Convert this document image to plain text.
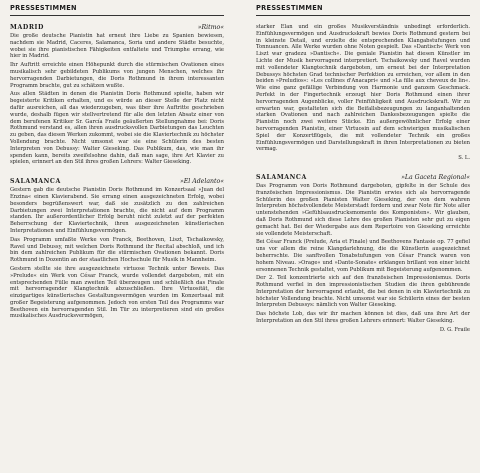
PRESSESTIMMEN
MADRID	»Ritmo«

Die große deutsche Pianistin hat erneut ihre Liebe zu Spanien bewiesen, nachdem sie Madrid, Caceres, Salamanca, Soria und andere Städte besuchte, wobei sie ihre pianistischen Fähigkeiten entfaltete und Triumphe errang, wie hier in Madrid.

Ihr Auftritt erreichte einen Höhepunkt durch die stürmischen Ovationen eines musikalisch sehr gebildeten Publikums von jungen Menschen, welches ihr hervorragenden Darbietungen, die Doris Rothmund in ihrem interessanten Programm brachte, gut zu schätzen wußte.

Aus allen Städten in denen die Pianistin Doris Rothmund spielte, haben wir begeisterte Kritiken erhalten, und es würde an dieser Stelle der Platz nicht dafür ausreichen, all das wiederzugeben, was über ihre Auftritte geschrieben wurde, deshalb fügen wir stellvertretend für alle den letzten Absatz einer von dem berufenen Kritiker Sr. García Fraile geäußerten Stellungnahme bei: Doris Rothmund verstand es, allen ihren ausdrucksvollen Darbietungen das Leuchten zu geben, das diesen Werken zukommt, wobei sie die Klaviertechnik zu höchster Vollendung brachte. Nicht umsonst war sie eine Schülerin des besten Interpreten von Debussy: Walter Gieseking. Das Publikum, das, wie man ihr spenden kann, bereits zweifelsohne dahin, daß man sage, ihre Art Klavier zu spielen, erinnert an den Stil ihres großen Lehrers: Walter Gieseking.

SALAMANCA	»El Adelanto«

Gestern gab die deutsche Pianistin Doris Rothmund im Konzertsaal »Juan del Enzina« einen Klavierabend. Sie errang einen ausgezeichneten Erfolg, wobei besonders begrüßenswert war, daß sie zusätzlich zu den zahlreichen Darbietungen zwei Interpretationen brachte, die nicht auf dem Programm standen. Ihr außerordentlicher Erfolg beruht nicht zuletzt auf der perfekten Beherrschung der Klaviertechnik, ihren ausgezeichneten künstlerischen Interpretationen und Einfühlungsvermögen.

Das Programm umfaßte Werke von Franck, Beethoven, Liszt, Tschaikowsky, Ravel und Debussy, mit welchen Doris Rothmund ihr Recital abschloß, und ich bin dem zahlreichen Publikum für die stürmischen Ovationen bekannt. Doris Rothmund in Dozentin an der staatlichen Hochschule für Musik in Mannheim.

Gestern stellte sie ihre ausgezeichnete virtuose Technik unter Beweis. Das »Prelude« ein Werk von César Franck, wurde vollendet dargeboten, mit ein entsprechenden Fülle man zweiten Teil überzeugen und schließlich das Finale mit hervorragender Klangtechnik abzuschließen. Ihre Virtuosität, die einzigartiges künstlerisches Gestaltungsvermögen wurden im Konzertsaal mit großer Begeisterung aufgenommen. Jedoch von ersten Teil des Programms war Beethoven ein hervorragenden Stil. Im Tür zu interpretieren sind ein großes musikalisches Ausdrucksvermögen,

PRESSESTIMMEN

starker Elan und ein großes Musikverständnis unbedingt erforderlich. Einfühlungsvermögen und Ausdruckskraft bewies Doris Rothmund gestern bei in kleinste Detail, und erzielte die entsprechenden Klangabstufungen und Tonnuancen. Alle Werke wurden ohne Noten gespielt. Das »Dantisch« Werk von Liszt war gradezu »Dantisch«. Die geniale Pianistin hat diesen Künstler im Lichte der Musik hervorragend interpretiert. Tschaikowsky und Ravel wurden mit vollendeter Klangtechnik dargeboten, um erneut bei der Interpretation Debussys höchsten Grad technischer Perfektion zu erreichen, vor allem in den beiden »Preludios«: »Les collines d'Anacapri« und »La fille aux cheveux de lin«. Wie eine ganz gefällige Verbindung von Harmonie und ganzem Geschmack. Perfekt in der Fingertechnik erzeugt hier Doris Rothmund einen ihrer hervorragenden Augenblicke, voller Feinfühligkeit und Ausdruckskraft. Wir zu erwarten war, gestalteten sich die Beifallsbezeugungen zu langanhaltenden starken Ovationen und nach zahlreichen Dankesbezeugungen spielte die Pianistin noch zwei weitere Stücke. Ein außergewöhnlicher Erfolg einer hervorragenden Pianistin, einer Virtuosin auf dem schwierigen musikalischen Spiel der Konzertflügels, die mit vollendeter Technik ein großes Einfühlungsvermögen und Darstellungskraft in ihren Interpretationen zu bieten vermag.

S. L.

SALAMANCA	»La Gaceta Regional«

Das Programm von Doris Rothmund dargeboten, gipfelte in der Schule des französischen Impressionismus. Die Pianistin erwies sich als hervorragende Schülerin des großen Pianisten Walter Gieseking, der von dem wahren Interpreten höchstvollendete Meisterstadt fordern und zwar Note für Note aller untenstehenden »Gefühlsausdrucksmomente des Komponisten«. Wir glauben, daß Doris Rothmund sich diese Lehre des großen Pianisten sehr gut zu eigen gemacht hat. Bei der Wiedergabe aus dem Repertoire von Gieseking erreichte sie vollendete Meisterschaft.

Bei César Franck (Prelude, Aria et Finale) und Beethovens Fantasie op. 77 gefiel uns vor allem die reine Klangdarlehnung, die die Künstlerin ausgezeichnet beherrschte. Die sanftvollen Tonabstufungen von César Franck waren von hohem Niveau. »Orage« und »Dante-Sonate« erklangen brillant von einer leicht ersonnenen Technik gestaltet, vom Publikum mit Begeisterung aufgenommen.

Der 2. Teil konzentrierte sich auf den französischen Impressionismus. Doris Rothmund verfiel in den impressionistischen Studien die ihren gebührende Interpretation der hervorragend erlaubt, die bei denen in ein Klaviertechnik zu höchster Vollendung brachte. Nicht umsonst war sie Schülerin eines der besten Interpreten Debussys: nämlich von Walter Gieseking.

Das höchste Lob, das wir ihr machen können ist dies, daß uns ihre Art der Interpretation an den Stil ihres großen Lehrers erinnert: Walter Gieseking.

D. G. Fraile
